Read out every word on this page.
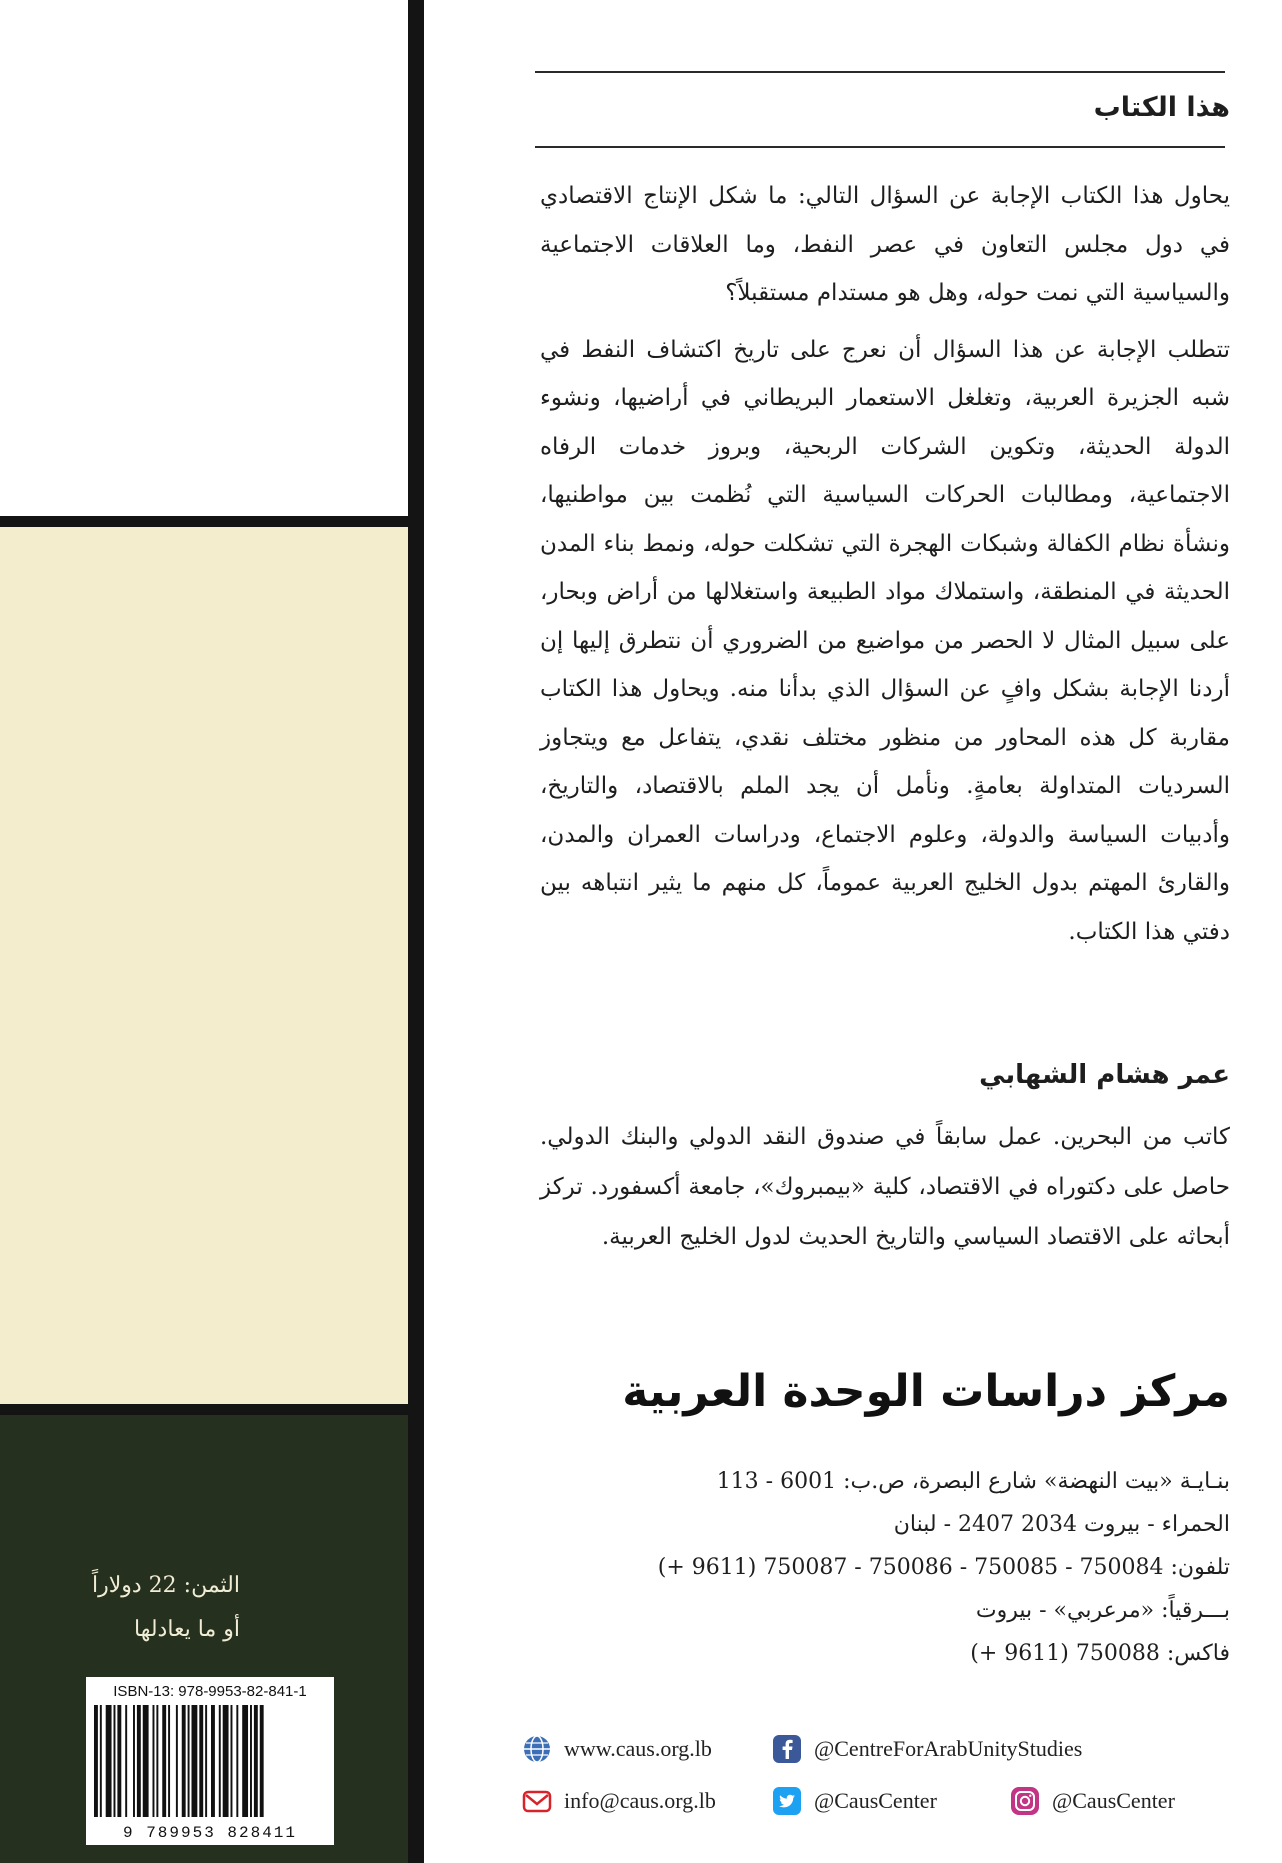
الثمن: 22 دولاراً
أو ما يعادلها
ISBN-13: 978-9953-82-841-1
9 789953 828411
هذا الكتاب

يحاول هذا الكتاب الإجابة عن السؤال التالي: ما شكل الإنتاج الاقتصادي في دول مجلس التعاون في عصر النفط، وما العلاقات الاجتماعية والسياسية التي نمت حوله، وهل هو مستدام مستقبلاً؟

تتطلب الإجابة عن هذا السؤال أن نعرج على تاريخ اكتشاف النفط في شبه الجزيرة العربية، وتغلغل الاستعمار البريطاني في أراضيها، ونشوء الدولة الحديثة، وتكوين الشركات الربحية، وبروز خدمات الرفاه الاجتماعية، ومطالبات الحركات السياسية التي نُظمت بين مواطنيها، ونشأة نظام الكفالة وشبكات الهجرة التي تشكلت حوله، ونمط بناء المدن الحديثة في المنطقة، واستملاك مواد الطبيعة واستغلالها من أراض وبحار، على سبيل المثال لا الحصر من مواضيع من الضروري أن نتطرق إليها إن أردنا الإجابة بشكل وافٍ عن السؤال الذي بدأنا منه. ويحاول هذا الكتاب مقاربة كل هذه المحاور من منظور مختلف نقدي، يتفاعل مع ويتجاوز السرديات المتداولة بعامةٍ. ونأمل أن يجد الملم بالاقتصاد، والتاريخ، وأدبيات السياسة والدولة، وعلوم الاجتماع، ودراسات العمران والمدن، والقارئ المهتم بدول الخليج العربية عموماً، كل منهم ما يثير انتباهه بين دفتي هذا الكتاب.

عمر هشام الشهابي
كاتب من البحرين. عمل سابقاً في صندوق النقد الدولي والبنك الدولي. حاصل على دكتوراه في الاقتصاد، كلية «بيمبروك»، جامعة أكسفورد. تركز أبحاثه على الاقتصاد السياسي والتاريخ الحديث لدول الخليج العربية.
مركز دراسات الوحدة العربية
بنـايـة «بيت النهضة» شارع البصرة، ص.ب: 6001 - 113
الحمراء - بيروت 2034 2407 - لبنان
تلفون: 750084 - 750085 - 750086 - 750087 (9611 +)
بـــرقياً: «مرعربي» - بيروت
فاكس: 750088 (9611 +)
www.caus.org.lb	@CentreForArabUnityStudies
info@caus.org.lb	@CausCenter	@CausCenter
